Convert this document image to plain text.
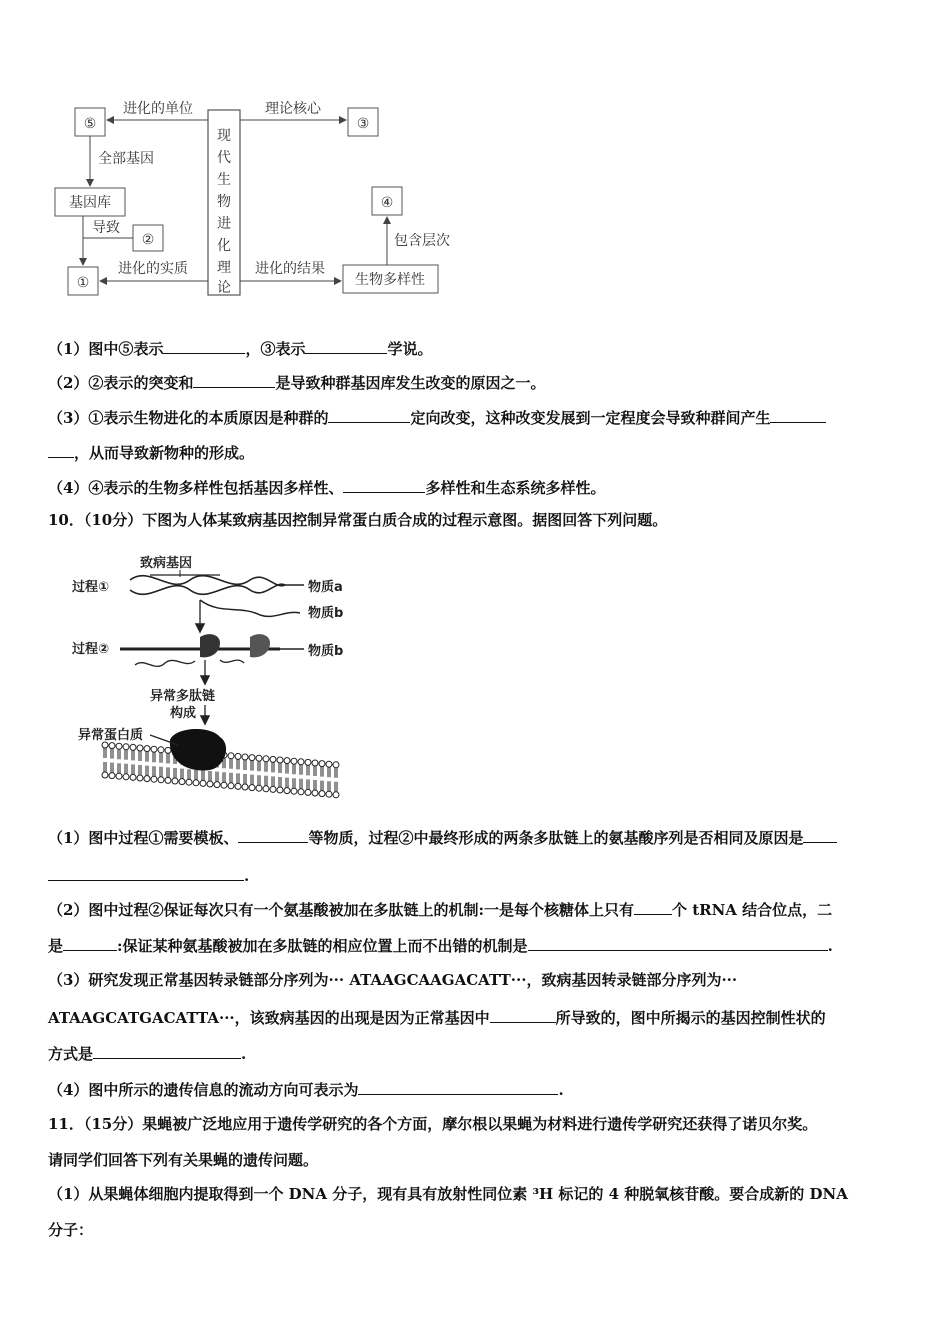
现
代
生
物
进
化
理
论
⑤	③
基因库
②
①
④
生物多样性
进化的单位	理论核心
全部基因
导致
进化的实质	进化的结果
包含层次
（1）图中⑤表示	，③表示	学说。
（2）②表示的突变和	是导致种群基因库发生改变的原因之一。
（3）①表示生物进化的本质原因是种群的	定向改变，这种改变发展到一定程度会导致种群间产生
，从而导致新物种的形成。
（4）④表示的生物多样性包括基因多样性、	多样性和生态系统多样性。
10．（10分）下图为人体某致病基因控制异常蛋白质合成的过程示意图。据图回答下列问题。
致病基因
过程①
过程②
物质a
物质b
物质b
异常多肽链
构成
异常蛋白质
（1）图中过程①需要模板、	等物质，过程②中最终形成的两条多肽链上的氨基酸序列是否相同及原因是
.
（2）图中过程②保证每次只有一个氨基酸被加在多肽链上的机制:一是每个核糖体上只有	个 tRNA 结合位点，二
是	:保证某种氨基酸被加在多肽链的相应位置上而不出错的机制是	.
（3）研究发现正常基因转录链部分序列为··· ATAAGCAAGACATT···，致病基因转录链部分序列为···
ATAAGCATGACATTA···，该致病基因的出现是因为正常基因中	所导致的，图中所揭示的基因控制性状的
方式是	.
（4）图中所示的遗传信息的流动方向可表示为	.
11．（15分）果蝇被广泛地应用于遗传学研究的各个方面，摩尔根以果蝇为材料进行遗传学研究还获得了诺贝尔奖。
请同学们回答下列有关果蝇的遗传问题。
（1）从果蝇体细胞内提取得到一个 DNA 分子，现有具有放射性同位素 ³H 标记的 4 种脱氧核苷酸。要合成新的 DNA
分子：
